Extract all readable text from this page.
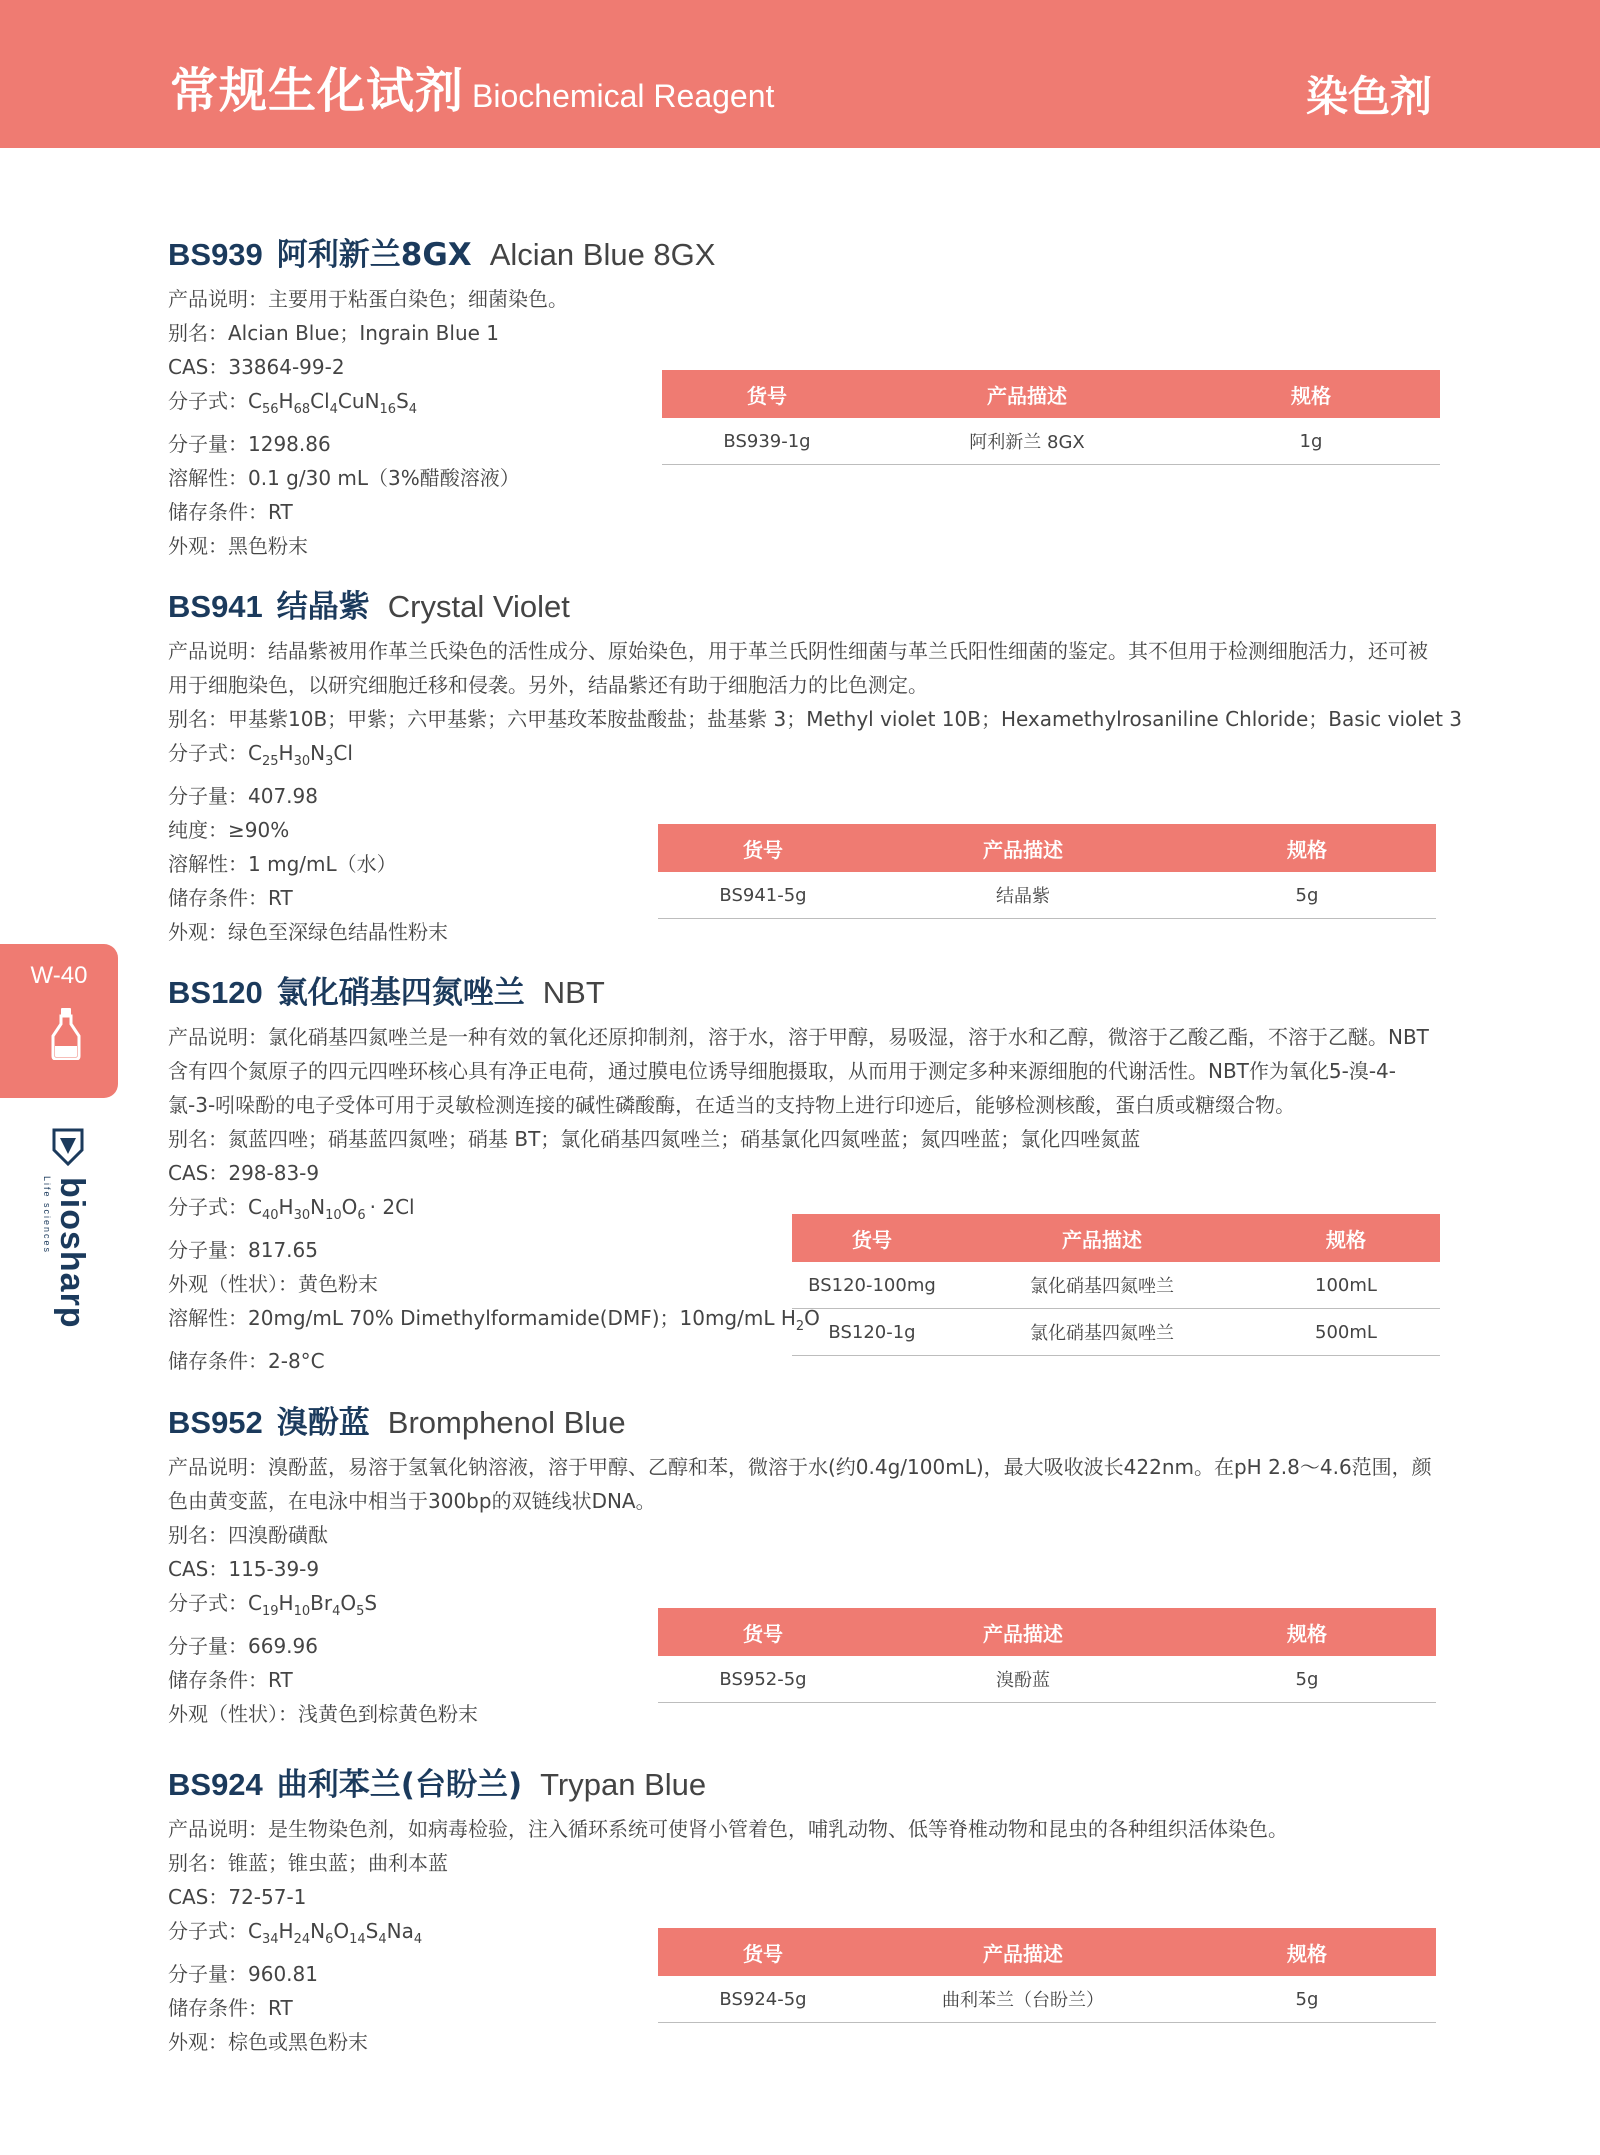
常规生化试剂 Biochemical Reagent	染色剂
W-40
biosharp
Life sciences
BS939 阿利新兰8GX Alcian Blue 8GX
产品说明：主要用于粘蛋白染色；细菌染色。
别名：Alcian Blue；Ingrain Blue 1
CAS：33864-99-2
分子式：$C_{56}H_{68}Cl_4CuN_{16}S_4$
分子量：1298.86
溶解性：0.1 g/30 mL（3%醋酸溶液）
储存条件：RT
外观：黑色粉末
货号	产品描述	规格
BS939-1g	阿利新兰 8GX	1g
BS941 结晶紫 Crystal Violet
产品说明：结晶紫被用作革兰氏染色的活性成分、原始染色，用于革兰氏阴性细菌与革兰氏阳性细菌的鉴定。其不但用于检测细胞活力，还可被用于细胞染色，以研究细胞迁移和侵袭。另外，结晶紫还有助于细胞活力的比色测定。
别名：甲基紫10B；甲紫；六甲基紫；六甲基玫苯胺盐酸盐；盐基紫 3；Methyl violet 10B；Hexamethylrosaniline Chloride；Basic violet 3
分子式：$C_{25}H_{30}N_3Cl$
分子量：407.98
纯度：≥90%
溶解性：1 mg/mL（水）
储存条件：RT
外观：绿色至深绿色结晶性粉末
货号	产品描述	规格
BS941-5g	结晶紫	5g
BS120 氯化硝基四氮唑兰 NBT
产品说明：氯化硝基四氮唑兰是一种有效的氧化还原抑制剂，溶于水，溶于甲醇，易吸湿，溶于水和乙醇，微溶于乙酸乙酯，不溶于乙醚。NBT含有四个氮原子的四元四唑环核心具有净正电荷，通过膜电位诱导细胞摄取，从而用于测定多种来源细胞的代谢活性。NBT作为氧化5-溴-4-氯-3-吲哚酚的电子受体可用于灵敏检测连接的碱性磷酸酶，在适当的支持物上进行印迹后，能够检测核酸，蛋白质或糖缀合物。
别名：氮蓝四唑；硝基蓝四氮唑；硝基 BT；氯化硝基四氮唑兰；硝基氯化四氮唑蓝；氮四唑蓝；氯化四唑氮蓝
CAS：298-83-9
分子式：$C_{40}H_{30}N_{10}O_6 \cdot 2Cl$
分子量：817.65
外观（性状）：黄色粉末
溶解性：20mg/mL 70% Dimethylformamide(DMF)；10mg/mL $H_2O$
储存条件：2-8°C
货号	产品描述	规格
BS120-100mg	氯化硝基四氮唑兰	100mL
BS120-1g	氯化硝基四氮唑兰	500mL
BS952 溴酚蓝 Bromphenol Blue
产品说明：溴酚蓝，易溶于氢氧化钠溶液，溶于甲醇、乙醇和苯，微溶于水(约0.4g/100mL)，最大吸收波长422nm。在pH 2.8～4.6范围，颜色由黄变蓝，在电泳中相当于300bp的双链线状DNA。
别名：四溴酚磺酞
CAS：115-39-9
分子式：$C_{19}H_{10}Br_4O_5S$
分子量：669.96
储存条件：RT
外观（性状）：浅黄色到棕黄色粉末
货号	产品描述	规格
BS952-5g	溴酚蓝	5g
BS924 曲利苯兰(台盼兰) Trypan Blue
产品说明：是生物染色剂，如病毒检验，注入循环系统可使肾小管着色，哺乳动物、低等脊椎动物和昆虫的各种组织活体染色。
别名：锥蓝；锥虫蓝；曲利本蓝
CAS：72-57-1
分子式：$C_{34}H_{24}N_6O_{14}S_4Na_4$
分子量：960.81
储存条件：RT
外观：棕色或黑色粉末
货号	产品描述	规格
BS924-5g	曲利苯兰（台盼兰）	5g
